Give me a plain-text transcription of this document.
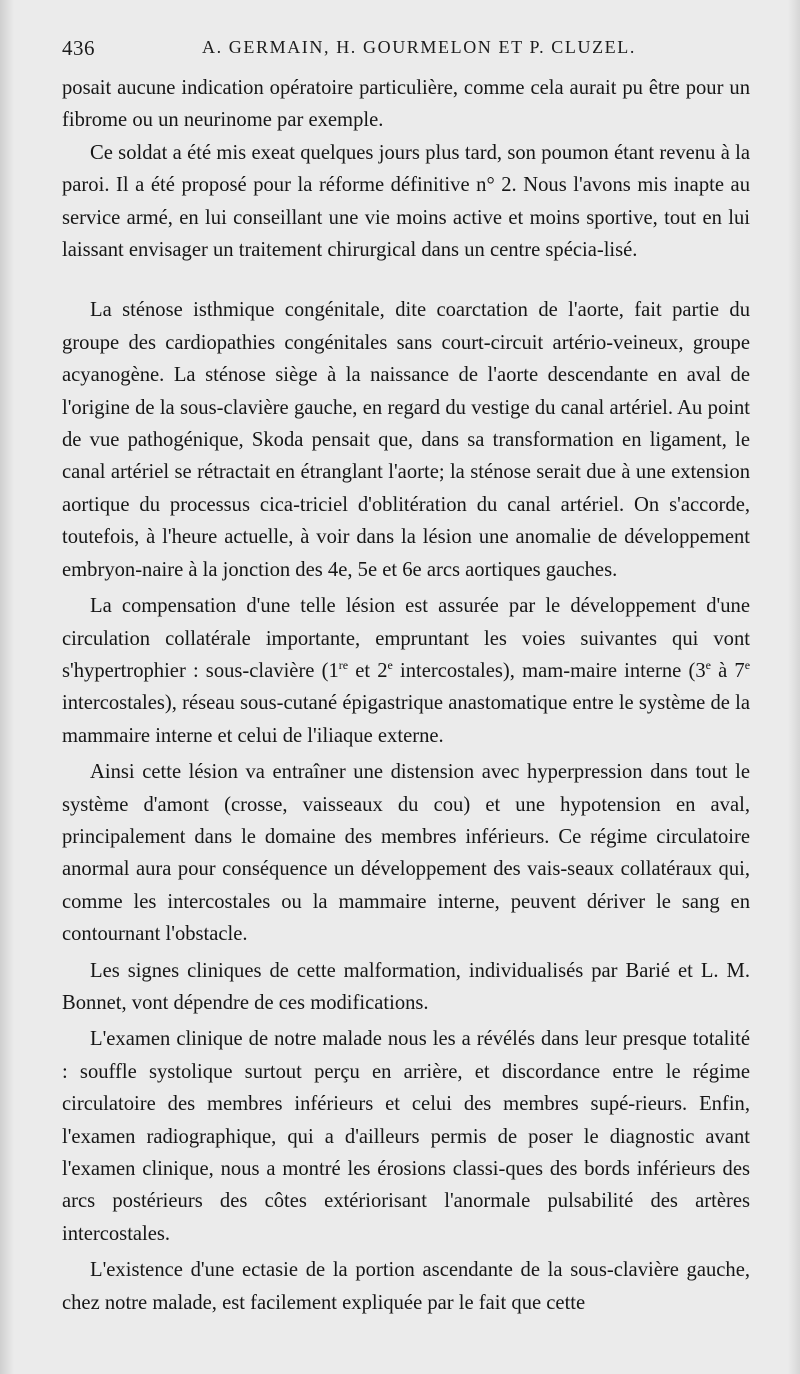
436	A. GERMAIN, H. GOURMELON ET P. CLUZEL.

posait aucune indication opératoire particulière, comme cela aurait pu être pour un fibrome ou un neurinome par exemple.

Ce soldat a été mis exeat quelques jours plus tard, son poumon étant revenu à la paroi. Il a été proposé pour la réforme définitive n° 2. Nous l'avons mis inapte au service armé, en lui conseillant une vie moins active et moins sportive, tout en lui laissant envisager un traitement chirurgical dans un centre spécia-lisé.

La sténose isthmique congénitale, dite coarctation de l'aorte, fait partie du groupe des cardiopathies congénitales sans court-circuit artério-veineux, groupe acyanogène. La sténose siège à la naissance de l'aorte descendante en aval de l'origine de la sous-clavière gauche, en regard du vestige du canal artériel. Au point de vue pathogénique, Skoda pensait que, dans sa transformation en ligament, le canal artériel se rétractait en étranglant l'aorte; la sténose serait due à une extension aortique du processus cica-triciel d'oblitération du canal artériel. On s'accorde, toutefois, à l'heure actuelle, à voir dans la lésion une anomalie de développement embryon-naire à la jonction des 4e, 5e et 6e arcs aortiques gauches.

La compensation d'une telle lésion est assurée par le développement d'une circulation collatérale importante, empruntant les voies suivantes qui vont s'hypertrophier : sous-clavière (1re et 2e intercostales), mam-maire interne (3e à 7e intercostales), réseau sous-cutané épigastrique anastomatique entre le système de la mammaire interne et celui de l'iliaque externe.

Ainsi cette lésion va entraîner une distension avec hyperpression dans tout le système d'amont (crosse, vaisseaux du cou) et une hypotension en aval, principalement dans le domaine des membres inférieurs. Ce régime circulatoire anormal aura pour conséquence un développement des vais-seaux collatéraux qui, comme les intercostales ou la mammaire interne, peuvent dériver le sang en contournant l'obstacle.

Les signes cliniques de cette malformation, individualisés par Barié et L. M. Bonnet, vont dépendre de ces modifications.

L'examen clinique de notre malade nous les a révélés dans leur presque totalité : souffle systolique surtout perçu en arrière, et discordance entre le régime circulatoire des membres inférieurs et celui des membres supé-rieurs. Enfin, l'examen radiographique, qui a d'ailleurs permis de poser le diagnostic avant l'examen clinique, nous a montré les érosions classi-ques des bords inférieurs des arcs postérieurs des côtes extériorisant l'anormale pulsabilité des artères intercostales.

L'existence d'une ectasie de la portion ascendante de la sous-clavière gauche, chez notre malade, est facilement expliquée par le fait que cette
